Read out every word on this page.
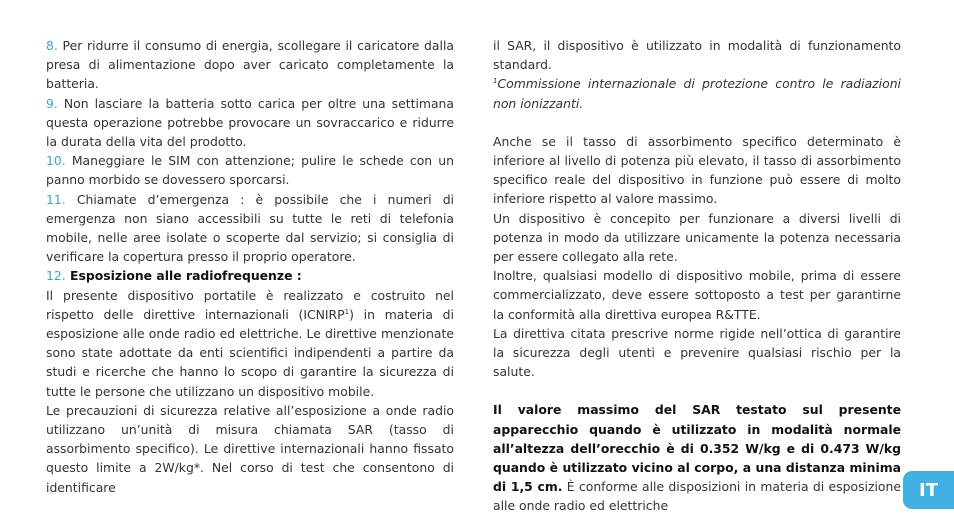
8. Per ridurre il consumo di energia, scollegare il caricatore dalla presa di alimentazione dopo aver caricato completamente la batteria.

9. Non lasciare la batteria sotto carica per oltre una settimana questa operazione potrebbe provocare un sovraccarico e ridurre la durata della vita del prodotto.

10. Maneggiare le SIM con attenzione; pulire le schede con un panno morbido se dovessero sporcarsi.

11. Chiamate d’emergenza : è possibile che i numeri di emergenza non siano accessibili su tutte le reti di telefonia mobile, nelle aree isolate o scoperte dal servizio; si consiglia di verificare la copertura presso il proprio operatore.

12. Esposizione alle radiofrequenze :

Il presente dispositivo portatile è realizzato e costruito nel rispetto delle direttive internazionali (ICNIRP$^1$) in materia di esposizione alle onde radio ed elettriche. Le direttive menzionate sono state adottate da enti scientifici indipendenti a partire da studi e ricerche che hanno lo scopo di garantire la sicurezza di tutte le persone che utilizzano un dispositivo mobile.

Le precauzioni di sicurezza relative all’esposizione a onde radio utilizzano un’unità di misura chiamata SAR (tasso di assorbimento specifico). Le direttive internazionali hanno fissato questo limite a 2W/kg*. Nel corso di test che consentono di identificare

il SAR, il dispositivo è utilizzato in modalità di funzionamento standard.

$^1$Commissione internazionale di protezione contro le radiazioni non ionizzanti.

Anche se il tasso di assorbimento specifico determinato è inferiore al livello di potenza più elevato, il tasso di assorbimento specifico reale del dispositivo in funzione può essere di molto inferiore rispetto al valore massimo.

Un dispositivo è concepito per funzionare a diversi livelli di potenza in modo da utilizzare unicamente la potenza necessaria per essere collegato alla rete.

Inoltre, qualsiasi modello di dispositivo mobile, prima di essere commercializzato, deve essere sottoposto a test per garantirne la conformità alla direttiva europea R&TTE.

La direttiva citata prescrive norme rigide nell’ottica di garantire la sicurezza degli utenti e prevenire qualsiasi rischio per la salute.

Il valore massimo del SAR testato sul presente apparecchio quando è utilizzato in modalità normale all’altezza dell’orecchio è di 0.352 W/kg e di 0.473 W/kg quando è utilizzato vicino al corpo, a una distanza minima di 1,5 cm. È conforme alle disposizioni in materia di esposizione alle onde radio ed elettriche

IT
